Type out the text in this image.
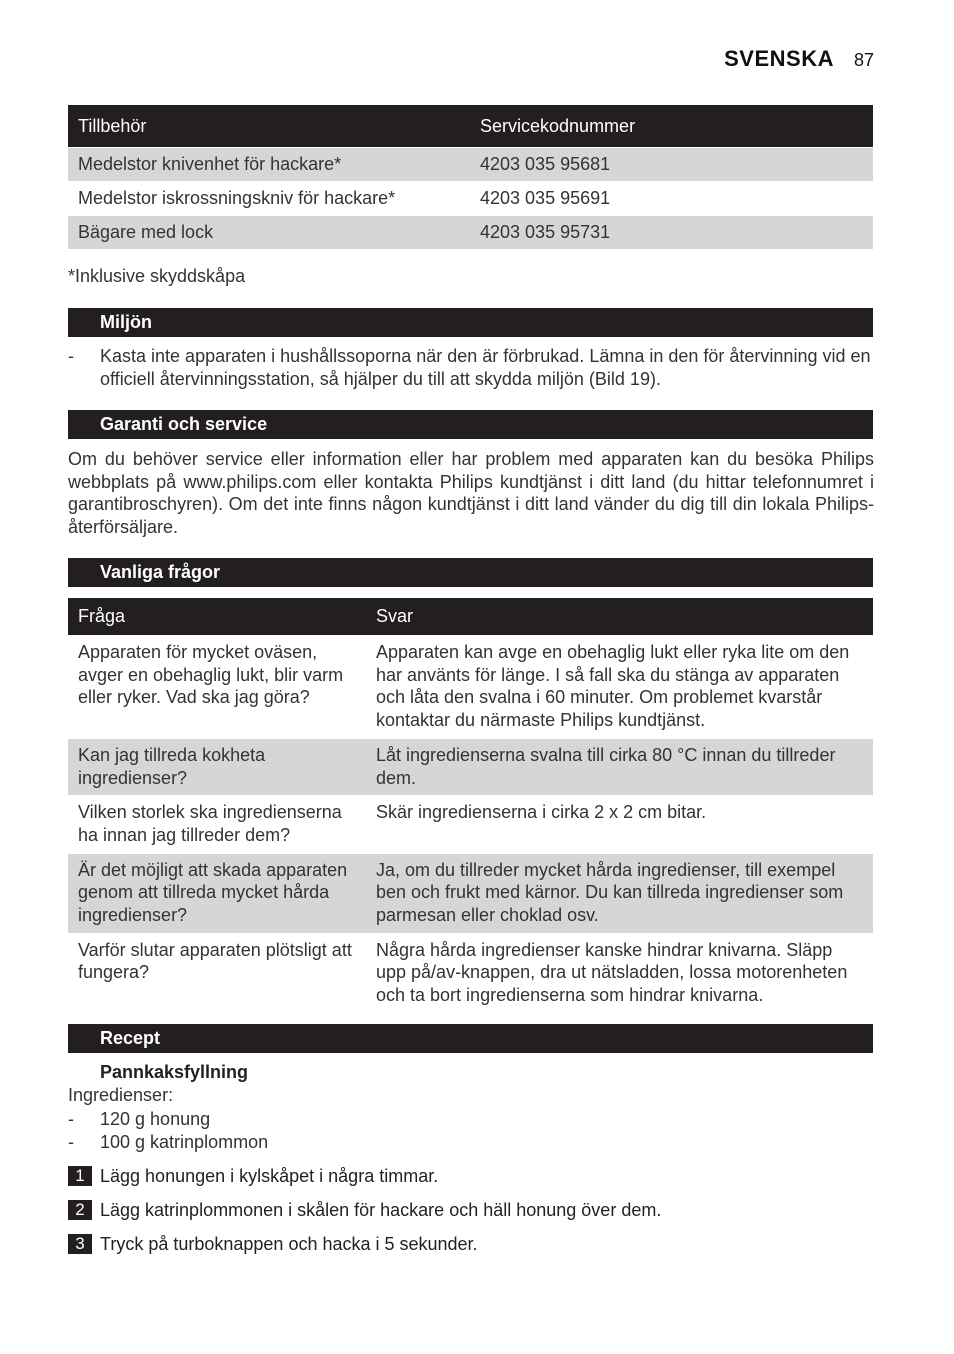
SVENSKA 87
Tillbehör	Servicekodnummer
Medelstor knivenhet för hackare*	4203 035 95681
Medelstor iskrossningskniv för hackare*	4203 035 95691
Bägare med lock	4203 035 95731
*Inklusive skyddskåpa
Miljön
- Kasta inte apparaten i hushållssoporna när den är förbrukad. Lämna in den för återvinning vid en officiell återvinningsstation, så hjälper du till att skydda miljön (Bild 19).
Garanti och service
Om du behöver service eller information eller har problem med apparaten kan du besöka Philips webbplats på www.philips.com eller kontakta Philips kundtjänst i ditt land (du hittar telefonnumret i garantibroschyren). Om det inte finns någon kundtjänst i ditt land vänder du dig till din lokala Philips-återförsäljare.
Vanliga frågor
Fråga	Svar
Apparaten för mycket oväsen, avger en obehaglig lukt, blir varm eller ryker. Vad ska jag göra?	Apparaten kan avge en obehaglig lukt eller ryka lite om den har använts för länge. I så fall ska du stänga av apparaten och låta den svalna i 60 minuter. Om problemet kvarstår kontaktar du närmaste Philips kundtjänst.
Kan jag tillreda kokheta ingredienser?	Låt ingredienserna svalna till cirka 80 °C innan du tillreder dem.
Vilken storlek ska ingredienserna ha innan jag tillreder dem?	Skär ingredienserna i cirka 2 x 2 cm bitar.
Är det möjligt att skada apparaten genom att tillreda mycket hårda ingredienser?	Ja, om du tillreder mycket hårda ingredienser, till exempel ben och frukt med kärnor. Du kan tillreda ingredienser som parmesan eller choklad osv.
Varför slutar apparaten plötsligt att fungera?	Några hårda ingredienser kanske hindrar knivarna. Släpp upp på/av-knappen, dra ut nätsladden, lossa motorenheten och ta bort ingredienserna som hindrar knivarna.
Recept
Pannkaksfyllning
Ingredienser:
- 120 g honung
- 100 g katrinplommon
1 Lägg honungen i kylskåpet i några timmar.
2 Lägg katrinplommonen i skålen för hackare och häll honung över dem.
3 Tryck på turboknappen och hacka i 5 sekunder.
